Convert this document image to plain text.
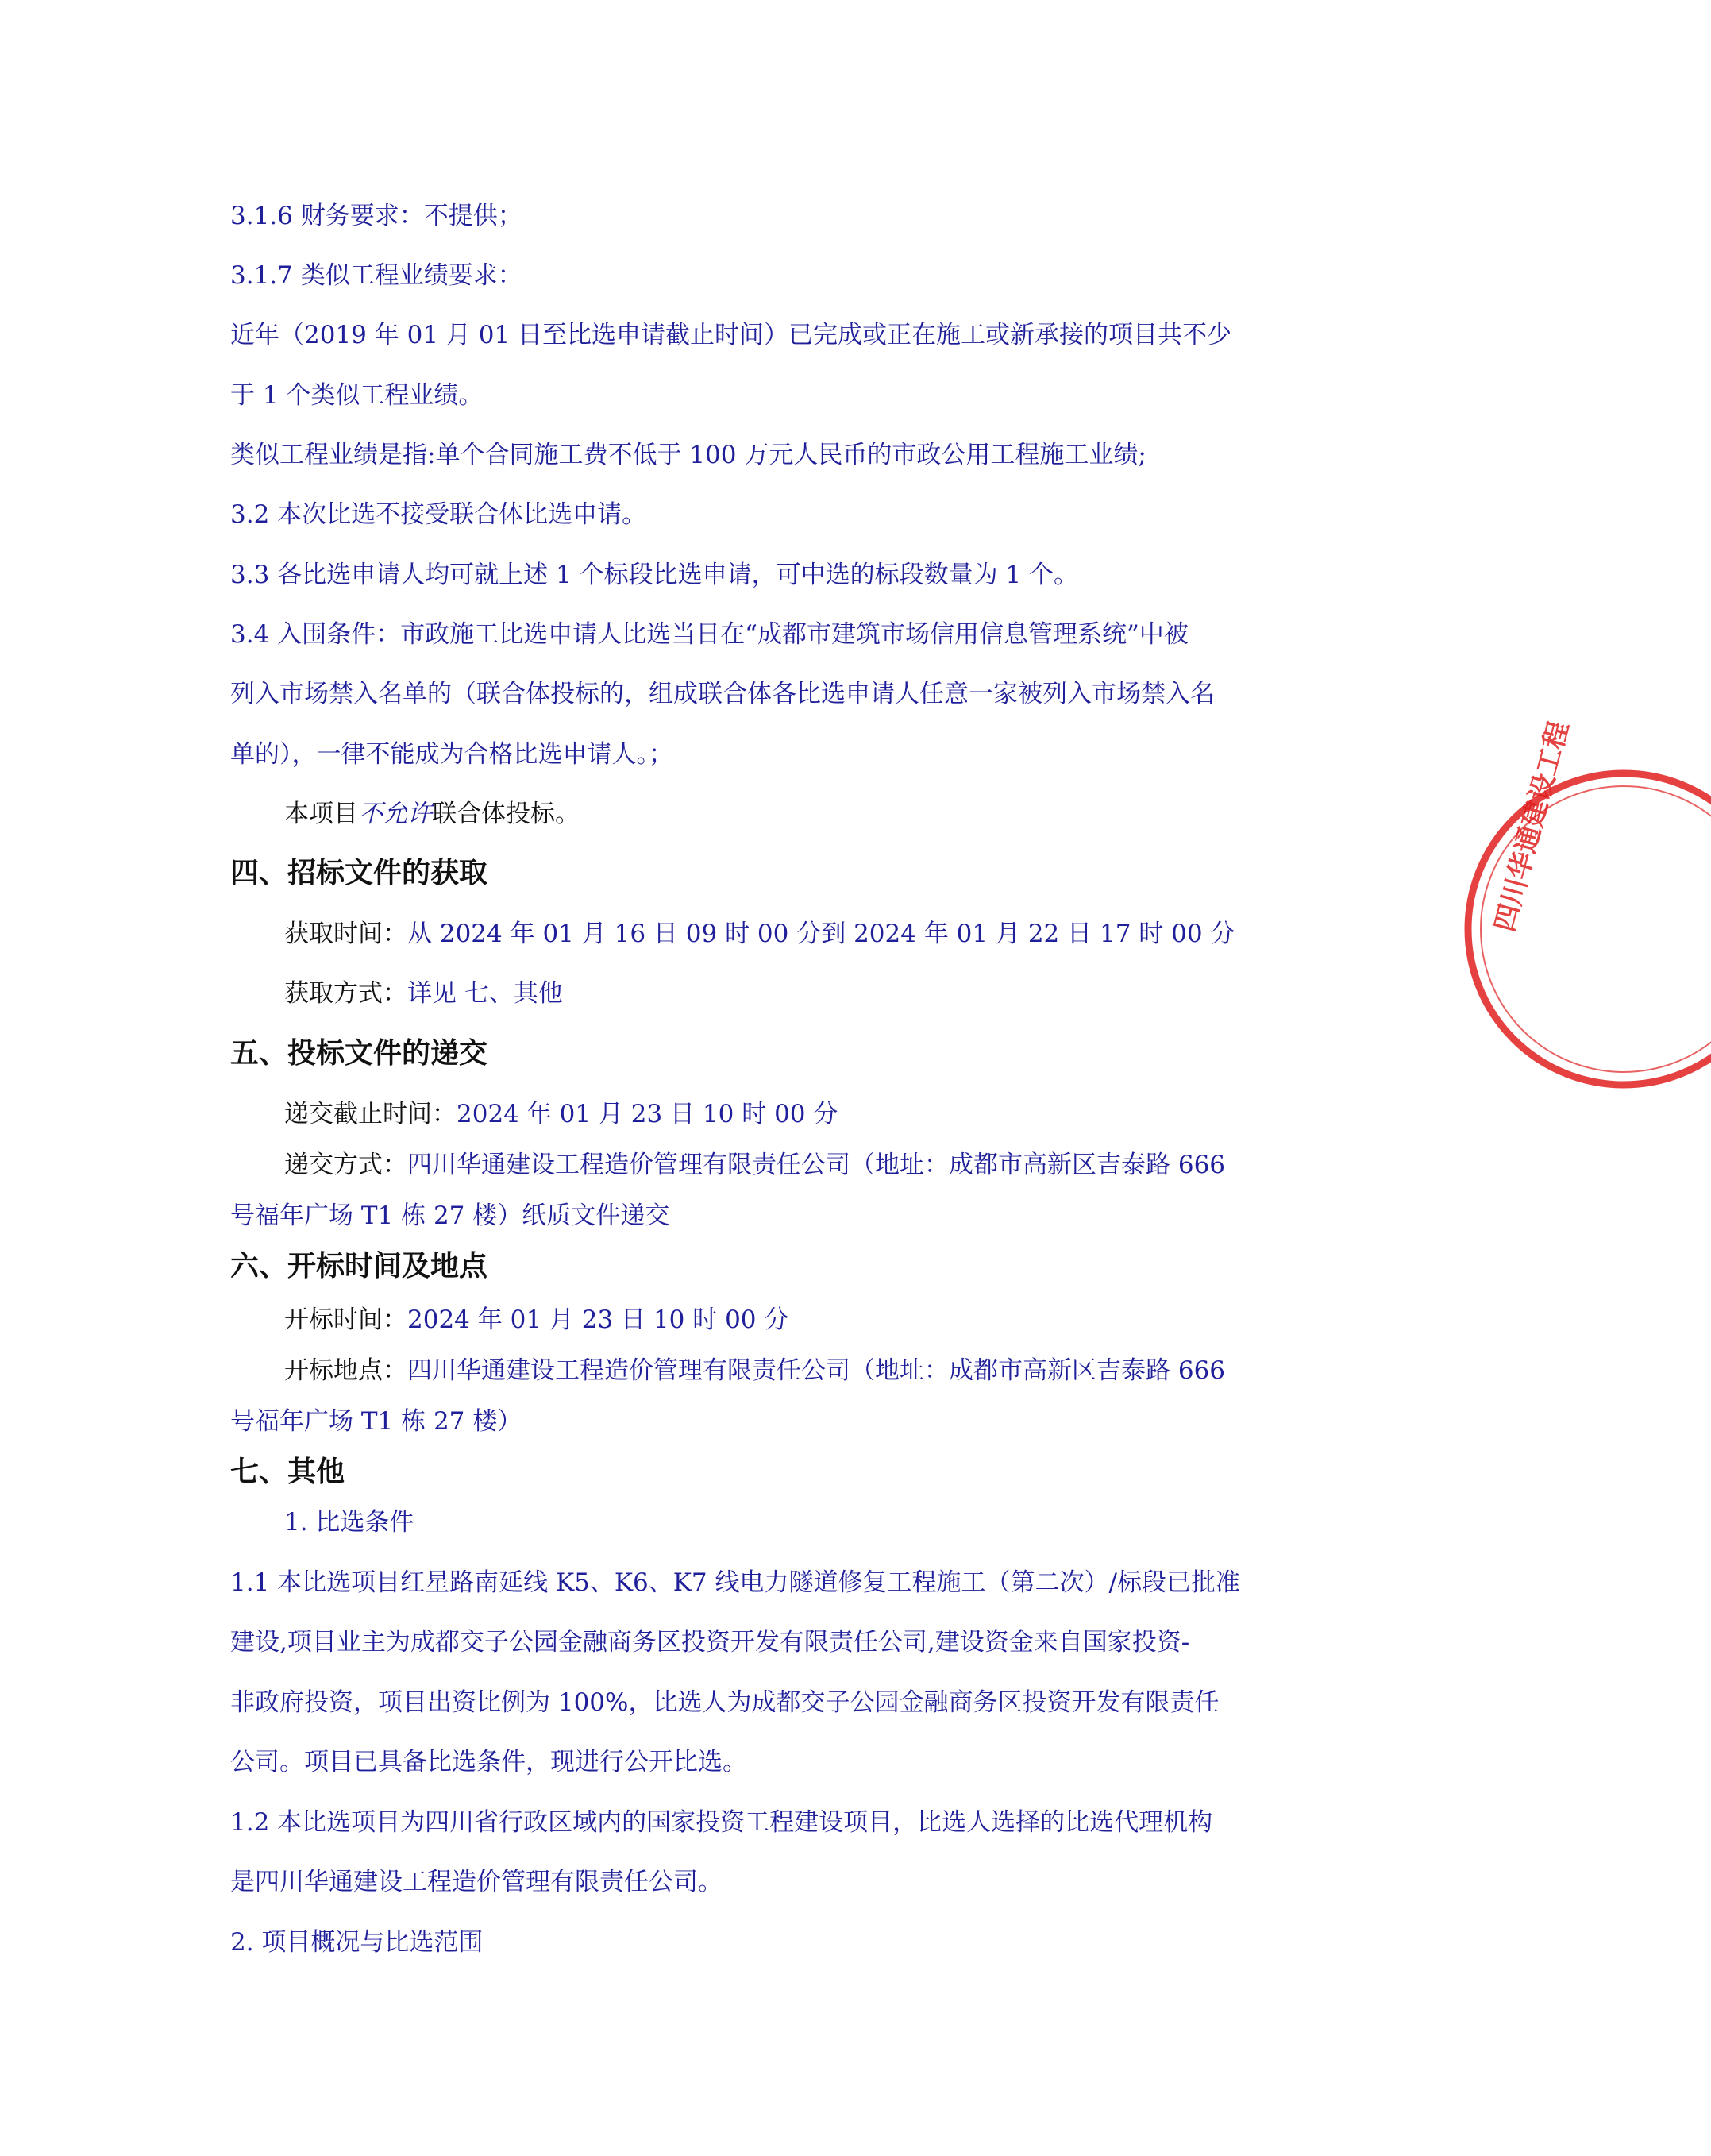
3.1.6 财务要求：不提供；

3.1.7 类似工程业绩要求：

近年（2019 年 01 月 01 日至比选申请截止时间）已完成或正在施工或新承接的项目共不少

于 1 个类似工程业绩。

类似工程业绩是指:单个合同施工费不低于 100 万元人民币的市政公用工程施工业绩;

3.2 本次比选不接受联合体比选申请。

3.3 各比选申请人均可就上述 1 个标段比选申请，可中选的标段数量为 1 个。

3.4 入围条件：市政施工比选申请人比选当日在“成都市建筑市场信用信息管理系统”中被

列入市场禁入名单的（联合体投标的，组成联合体各比选申请人任意一家被列入市场禁入名

单的），一律不能成为合格比选申请人。；

本项目不允许联合体投标。

四、招标文件的获取

获取时间：从 2024 年 01 月 16 日 09 时 00 分到 2024 年 01 月 22 日 17 时 00 分

获取方式：详见 七、其他

五、投标文件的递交

递交截止时间：2024 年 01 月 23 日 10 时 00 分

递交方式：四川华通建设工程造价管理有限责任公司（地址：成都市高新区吉泰路 666

号福年广场 T1 栋 27 楼）纸质文件递交

六、开标时间及地点

开标时间：2024 年 01 月 23 日 10 时 00 分

开标地点：四川华通建设工程造价管理有限责任公司（地址：成都市高新区吉泰路 666

号福年广场 T1 栋 27 楼）

七、其他

1. 比选条件

1.1 本比选项目红星路南延线 K5、K6、K7 线电力隧道修复工程施工（第二次）/标段已批准

建设,项目业主为成都交子公园金融商务区投资开发有限责任公司,建设资金来自国家投资-

非政府投资，项目出资比例为 100%，比选人为成都交子公园金融商务区投资开发有限责任

公司。项目已具备比选条件，现进行公开比选。

1.2 本比选项目为四川省行政区域内的国家投资工程建设项目，比选人选择的比选代理机构

是四川华通建设工程造价管理有限责任公司。

2. 项目概况与比选范围

四川华通建设工程
